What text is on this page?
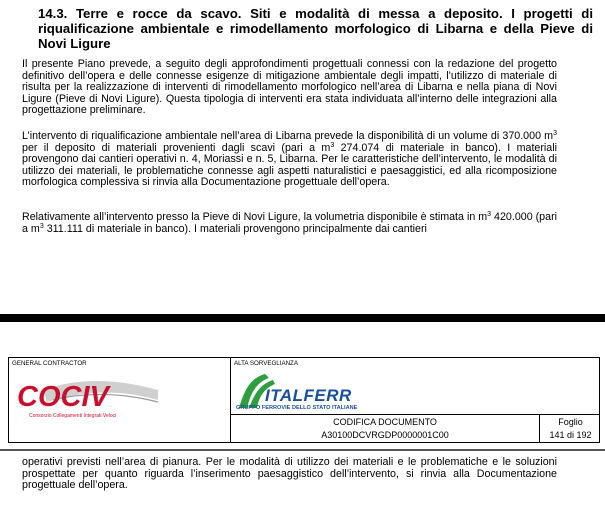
14.3. Terre e rocce da scavo. Siti e modalità di messa a deposito. I progetti di riqualificazione ambientale e rimodellamento morfologico di Libarna e della Pieve di Novi Ligure

Il presente Piano prevede, a seguito degli approfondimenti progettuali connessi con la redazione del progetto definitivo dell’opera e delle connesse esigenze di mitigazione ambientale degli impatti, l’utilizzo di materiale di risulta per la realizzazione di interventi di rimodellamento morfologico nell’area di Libarna e nella piana di Novi Ligure (Pieve di Novi Ligure). Questa tipologia di interventi era stata individuata all’interno delle integrazioni alla progettazione preliminare.

L’intervento di riqualificazione ambientale nell’area di Libarna prevede la disponibilità di un volume di 370.000 $m^3$ per il deposito di materiali provenienti dagli scavi (pari a $m^3$ 274.074 di materiale in banco). I materiali provengono dai cantieri operativi n. 4, Moriassi e n. 5, Libarna. Per le caratteristiche dell’intervento, le modalità di utilizzo dei materiali, le problematiche connesse agli aspetti naturalistici e paesaggistici, ed alla ricomposizione morfologica complessiva si rinvia alla Documentazione progettuale dell’opera.

Relativamente all’intervento presso la Pieve di Novi Ligure, la volumetria disponibile è stimata in $m^3$ 420.000 (pari a $m^3$ 311.111 di materiale in banco). I materiali provengono principalmente dai cantieri

GENERAL CONTRACTOR	ALTA SORVEGLIANZA
COCIV
Consorzio Collegamenti Integrati Veloci
ITALFERR
GRUPPO FERROVIE DELLO STATO ITALIANE
CODIFICA DOCUMENTO
A30100DCVRGDP0000001C00
Foglio
141 di 192

operativi previsti nell’area di pianura. Per le modalità di utilizzo dei materiali e le problematiche e le soluzioni prospettate per quanto riguarda l’inserimento paesaggistico dell’intervento, si rinvia alla Documentazione progettuale dell’opera.
